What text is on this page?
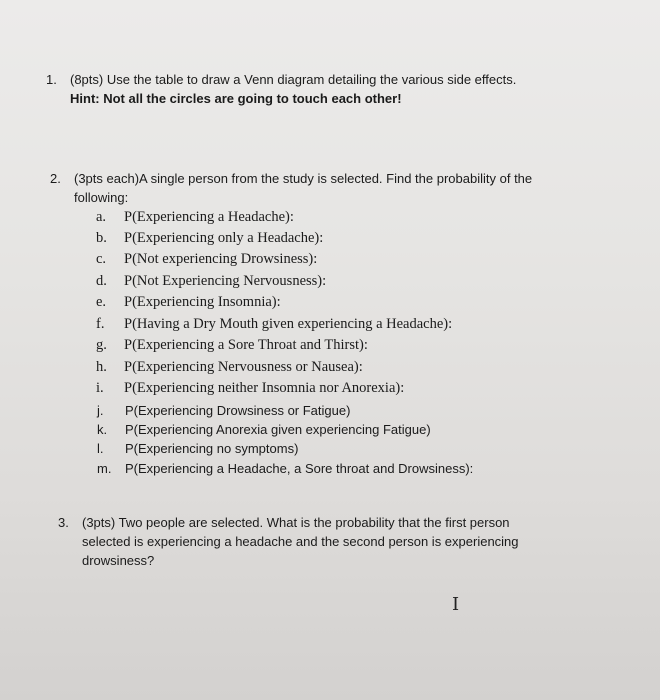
1. (8pts) Use the table to draw a Venn diagram detailing the various side effects.
Hint: Not all the circles are going to touch each other!
2. (3pts each)A single person from the study is selected. Find the probability of the
following:
a. P(Experiencing a Headache):
b. P(Experiencing only a Headache):
c. P(Not experiencing Drowsiness):
d. P(Not Experiencing Nervousness):
e. P(Experiencing Insomnia):
f. P(Having a Dry Mouth given experiencing a Headache):
g. P(Experiencing a Sore Throat and Thirst):
h. P(Experiencing Nervousness or Nausea):
i. P(Experiencing neither Insomnia nor Anorexia):
j. P(Experiencing Drowsiness or Fatigue)
k. P(Experiencing Anorexia given experiencing Fatigue)
l. P(Experiencing no symptoms)
m. P(Experiencing a Headache, a Sore throat and Drowsiness):
3. (3pts) Two people are selected. What is the probability that the first person
selected is experiencing a headache and the second person is experiencing
drowsiness?
I
